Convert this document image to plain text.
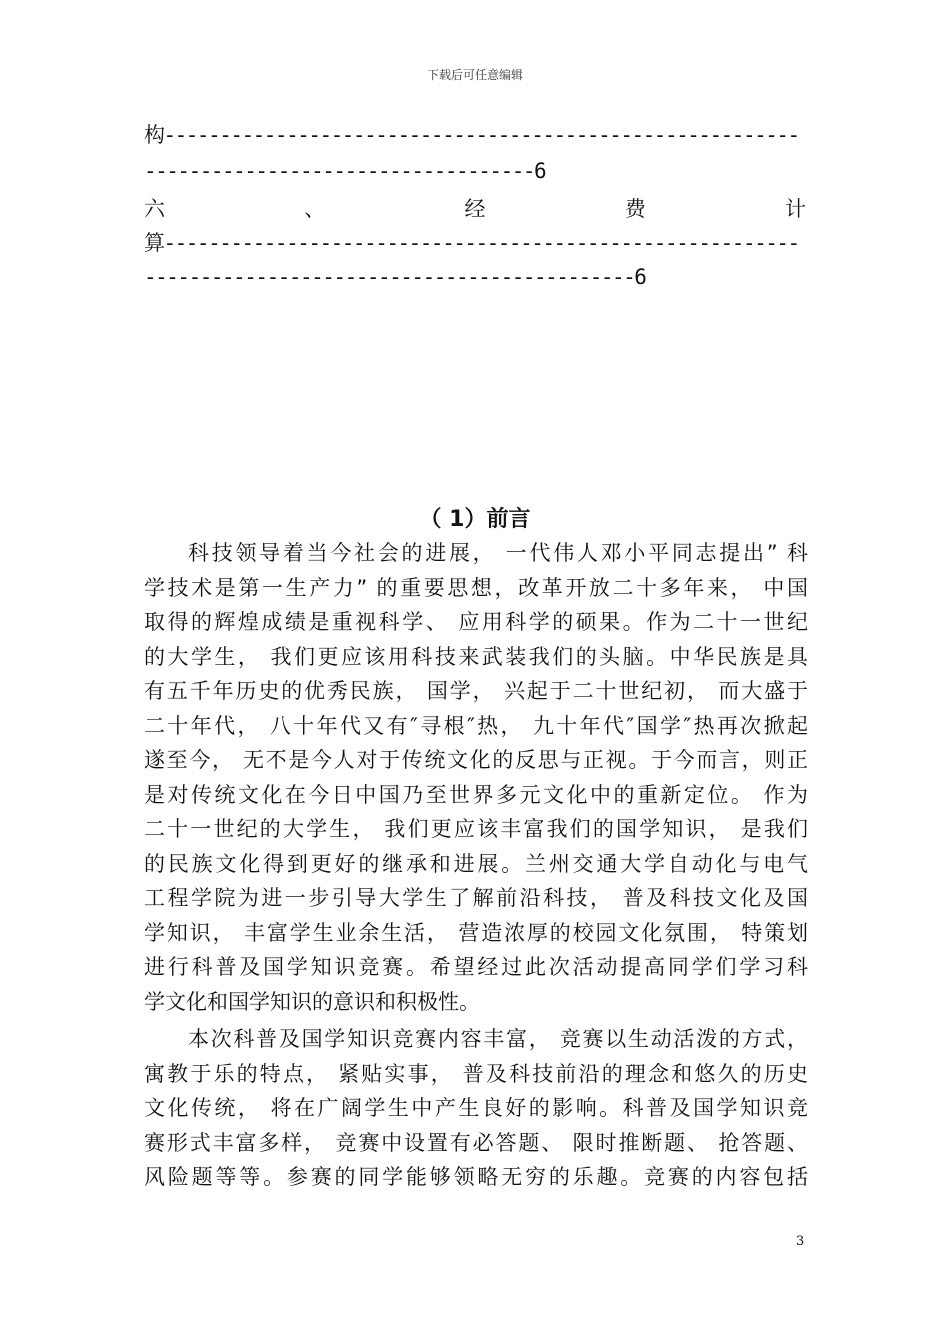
下载后可任意编辑
构---------------------------------------------------------
-----------------------------------6
六	、	经	费	计
算---------------------------------------------------------
--------------------------------------------6
（ 1）前言
科技领导着当今社会的进展， 一代伟人邓小平同志提出” 科
学技术是第一生产力” 的重要思想，改革开放二十多年来， 中国
取得的辉煌成绩是重视科学、 应用科学的硕果。作为二十一世纪
的大学生， 我们更应该用科技来武装我们的头脑。中华民族是具
有五千年历史的优秀民族， 国学， 兴起于二十世纪初， 而大盛于
二十年代， 八十年代又有″寻根″热， 九十年代″国学″热再次掀起
遂至今， 无不是今人对于传统文化的反思与正视。于今而言，则正
是对传统文化在今日中国乃至世界多元文化中的重新定位。 作为
二十一世纪的大学生， 我们更应该丰富我们的国学知识， 是我们
的民族文化得到更好的继承和进展。兰州交通大学自动化与电气
工程学院为进一步引导大学生了解前沿科技， 普及科技文化及国
学知识， 丰富学生业余生活， 营造浓厚的校园文化氛围， 特策划
进行科普及国学知识竞赛。希望经过此次活动提高同学们学习科
学文化和国学知识的意识和积极性。
本次科普及国学知识竞赛内容丰富， 竞赛以生动活泼的方式，
寓教于乐的特点， 紧贴实事， 普及科技前沿的理念和悠久的历史
文化传统， 将在广阔学生中产生良好的影响。科普及国学知识竞
赛形式丰富多样， 竞赛中设置有必答题、 限时推断题、 抢答题、
风险题等等。参赛的同学能够领略无穷的乐趣。竞赛的内容包括
3
